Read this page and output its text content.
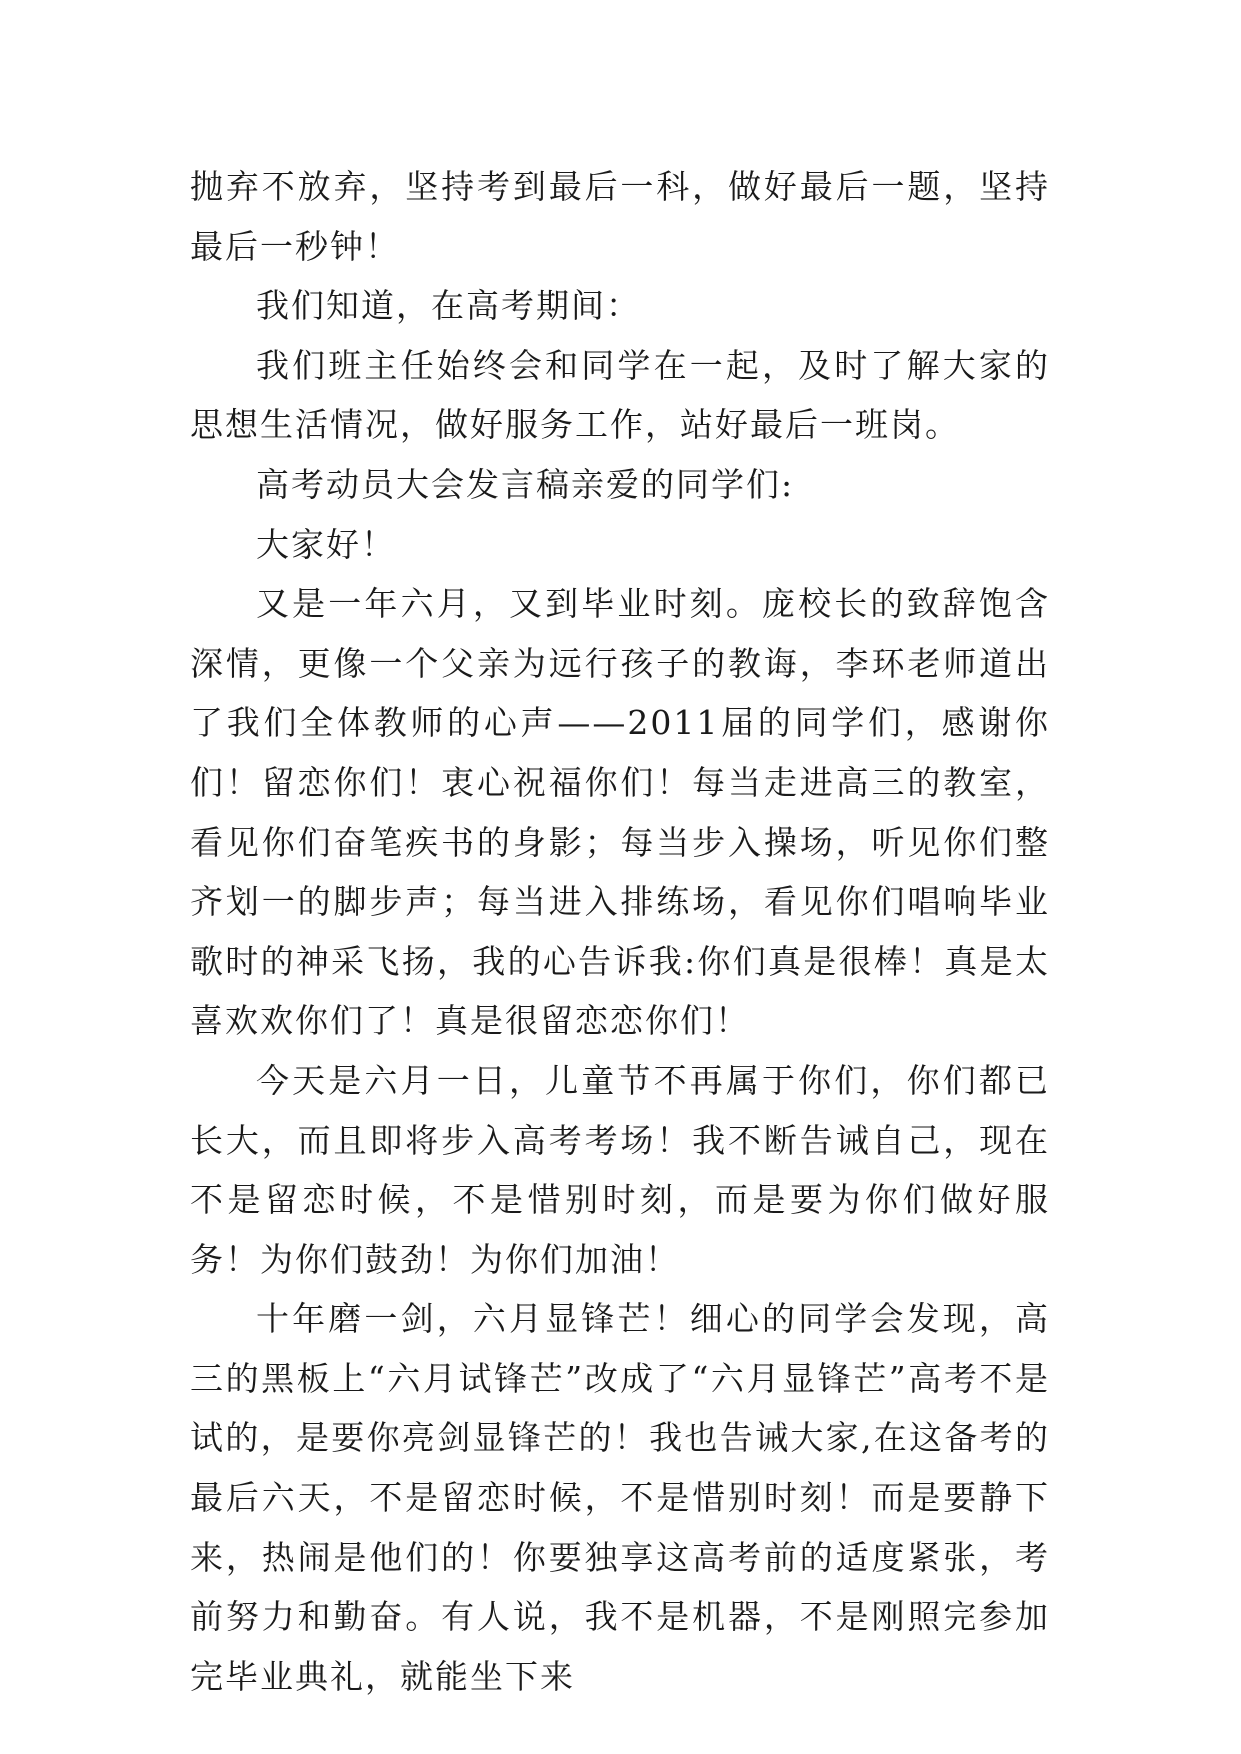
抛弃不放弃，坚持考到最后一科，做好最后一题，坚持最后一秒钟！

我们知道，在高考期间：

我们班主任始终会和同学在一起，及时了解大家的思想生活情况，做好服务工作，站好最后一班岗。

高考动员大会发言稿亲爱的同学们:

大家好！

又是一年六月，又到毕业时刻。庞校长的致辞饱含深情，更像一个父亲为远行孩子的教诲，李环老师道出了我们全体教师的心声——2011届的同学们，感谢你们！留恋你们！衷心祝福你们！每当走进高三的教室，看见你们奋笔疾书的身影；每当步入操场，听见你们整齐划一的脚步声；每当进入排练场，看见你们唱响毕业歌时的神采飞扬，我的心告诉我:你们真是很棒！真是太喜欢欢你们了！真是很留恋恋你们！

今天是六月一日，儿童节不再属于你们，你们都已长大，而且即将步入高考考场！我不断告诫自己，现在不是留恋时候，不是惜别时刻，而是要为你们做好服务！为你们鼓劲！为你们加油！

十年磨一剑，六月显锋芒！细心的同学会发现，高三的黑板上“六月试锋芒”改成了“六月显锋芒”高考不是试的，是要你亮剑显锋芒的！我也告诫大家,在这备考的最后六天，不是留恋时候，不是惜别时刻！而是要静下来，热闹是他们的！你要独享这高考前的适度紧张，考前努力和勤奋。有人说，我不是机器，不是刚照完参加完毕业典礼，就能坐下来
